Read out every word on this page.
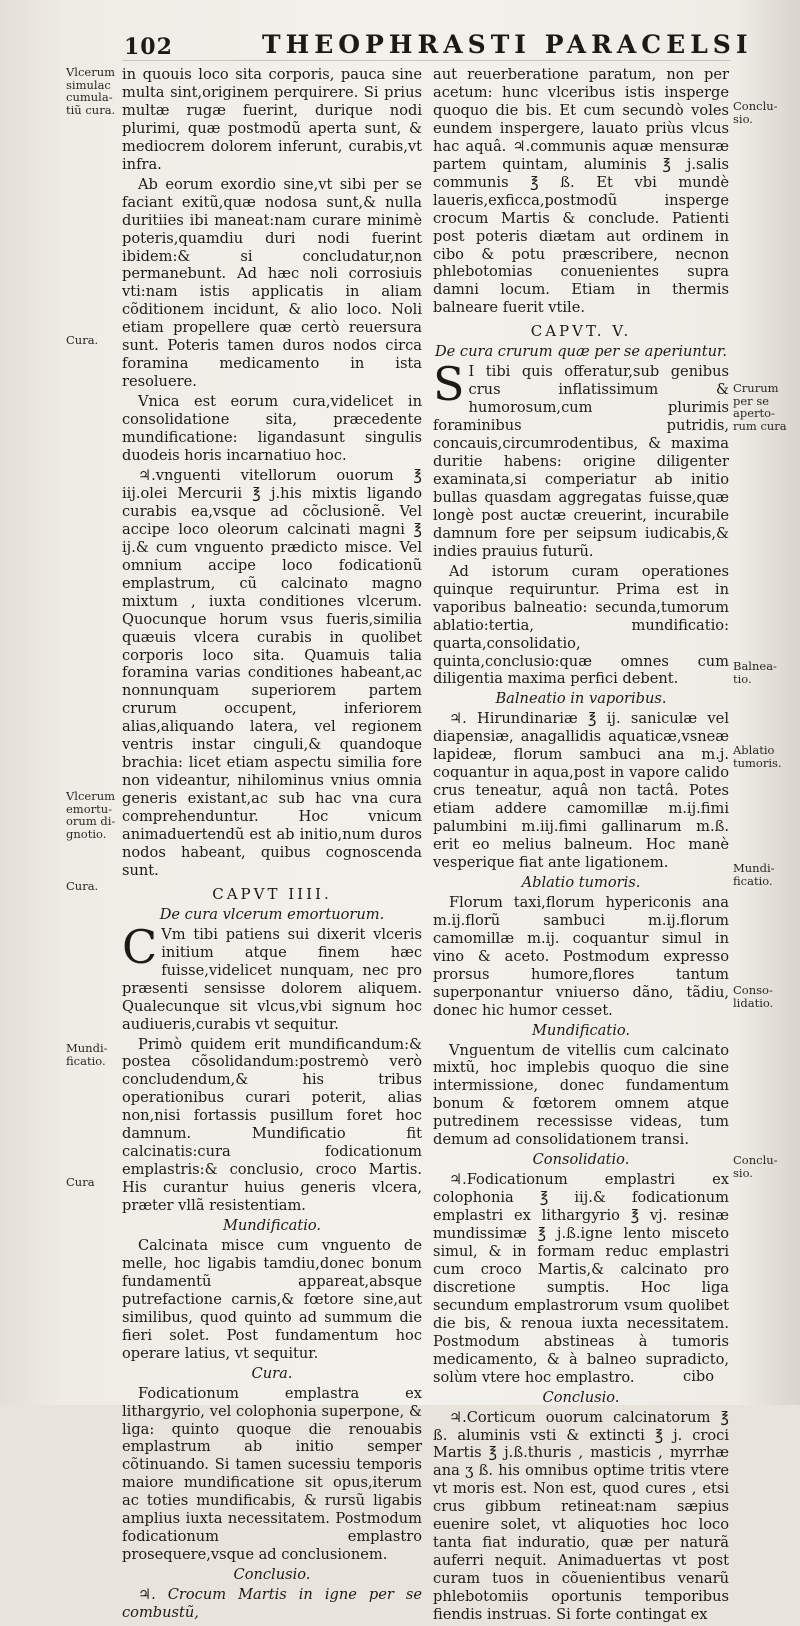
102	THEOPHRASTI PARACELSI

in quouis loco sita corporis, pauca sine multa sint,originem perquirere. Si prius multæ rugæ fuerint, durique nodi plurimi, quæ postmodũ aperta sunt, & mediocrem dolorem inferunt, curabis,vt infra.

Ab eorum exordio sine,vt sibi per se faciant exitũ,quæ nodosa sunt,& nulla duritiies ibi maneat:nam curare minimè poteris,quamdiu duri nodi fuerint ibidem:& si concludatur,non permanebunt. Ad hæc noli corrosiuis vti:nam istis applicatis in aliam cõditionem incidunt, & alio loco. Noli etiam propellere quæ certò reuersura sunt. Poteris tamen duros nodos circa foramina medicamento in ista resoluere.

Vnica est eorum cura,videlicet in consolidatione sita, præcedente mundificatione: ligandasunt singulis duodeis horis incarnatiuo hoc.

♃.vnguenti vitellorum ouorum ℥ iij.olei Mercurii ℥ j.his mixtis ligando curabis ea,vsque ad cõclusionẽ. Vel accipe loco oleorum calcinati magni ℥ ij.& cum vnguento prædicto misce. Vel omnium accipe loco fodicationũ emplastrum, cũ calcinato magno mixtum , iuxta conditiones vlcerum. Quocunque horum vsus fueris,similia quæuis vlcera curabis in quolibet corporis loco sita. Quamuis talia foramina varias conditiones habeant,ac nonnunquam superiorem partem crurum occupent, inferiorem alias,aliquando latera, vel regionem ventris instar cinguli,& quandoque brachia: licet etiam aspectu similia fore non videantur, nihilominus vnius omnia generis existant,ac sub hac vna cura comprehenduntur. Hoc vnicum animaduertendũ est ab initio,num duros nodos habeant, quibus cognoscenda sunt.

CAPVT IIII.
De cura vlcerum emortuorum.

C Vm tibi patiens sui dixerit vlceris initium atque finem hæc fuisse,videlicet nunquam, nec pro præsenti sensisse dolorem aliquem. Qualecunque sit vlcus,vbi signum hoc audiueris,curabis vt sequitur.

Primò quidem erit mundificandum:& postea cõsolidandum:postremò verò concludendum,& his tribus operationibus curari poterit, alias non,nisi fortassis pusillum foret hoc damnum. Mundificatio fit calcinatis:cura fodicationum emplastris:& conclusio, croco Martis. His curantur huius generis vlcera, præter vllã resistentiam.

Mundificatio.

Calcinata misce cum vnguento de melle, hoc ligabis tamdiu,donec bonum fundamentũ appareat,absque putrefactione carnis,& fœtore sine,aut similibus, quod quinto ad summum die fieri solet. Post fundamentum hoc operare latius, vt sequitur.

Cura.

Fodicationum emplastra ex lithargyrio, vel colophonia superpone, & liga: quinto quoque die renouabis emplastrum ab initio semper cõtinuando. Si tamen sucessiu temporis maiore mundificatione sit opus,iterum ac toties mundificabis, & rursũ ligabis amplius iuxta necessitatem. Postmodum fodicationum emplastro prosequere,vsque ad conclusionem.

Conclusio.

♃. Crocum Martis in igne per se combustũ,

aut reuerberatione paratum, non per acetum: hunc vlceribus istis insperge quoquo die bis. Et cum secundò voles eundem inspergere, lauato priùs vlcus hac aquâ. ♃.communis aquæ mensuræ partem quintam, aluminis ℥ j.salis communis ℥ ß. Et vbi mundè laueris,exficca,postmodũ insperge crocum Martis & conclude. Patienti post poteris diætam aut ordinem in cibo & potu præscribere, necnon phlebotomias conuenientes supra damni locum. Etiam in thermis balneare fuerit vtile.

CAPVT. V.
De cura crurum quæ per se aperiuntur.

S I tibi quis offeratur,sub genibus crus inflatissimum & humorosum,cum plurimis foraminibus putridis, concauis,circumrodentibus, & maxima duritie habens: origine diligenter examinata,si comperiatur ab initio bullas quasdam aggregatas fuisse,quæ longè post auctæ creuerint, incurabile damnum fore per seipsum iudicabis,& indies prauius futurũ.

Ad istorum curam operationes quinque requiruntur. Prima est in vaporibus balneatio: secunda,tumorum ablatio:tertia, mundificatio: quarta,consolidatio, quinta,conclusio:quæ omnes cum diligentia maxima perfici debent.

Balneatio in vaporibus.

♃. Hirundinariæ ℥ ij. saniculæ vel diapensiæ, anagallidis aquaticæ,vsneæ lapideæ, florum sambuci ana m.j. coquantur in aqua,post in vapore calido crus teneatur, aquâ non tactâ. Potes etiam addere camomillæ m.ij.fimi palumbini m.iij.fimi gallinarum m.ß. erit eo melius balneum. Hoc manè vesperique fiat ante ligationem.

Ablatio tumoris.

Florum taxi,florum hypericonis ana m.ij.florũ sambuci m.ij.florum camomillæ m.ij. coquantur simul in vino & aceto. Postmodum expresso prorsus humore,flores tantum superponantur vniuerso dãno, tãdiu, donec hic humor cesset.

Mundificatio.

Vnguentum de vitellis cum calcinato mixtũ, hoc implebis quoquo die sine intermissione, donec fundamentum bonum & fœtorem omnem atque putredinem recessisse videas, tum demum ad consolidationem transi.

Consolidatio.

♃.Fodicationum emplastri ex colophonia ℥ iij.& fodicationum emplastri ex lithargyrio ℥ vj. resinæ mundissimæ ℥ j.ß.igne lento misceto simul, & in formam reduc emplastri cum croco Martis,& calcinato pro discretione sumptis. Hoc liga secundum emplastrorum vsum quolibet die bis, & renoua iuxta necessitatem. Postmodum abstineas à tumoris medicamento, & à balneo supradicto, solùm vtere hoc emplastro.

Conclusio.

♃.Corticum ouorum calcinatorum ℥ ß. aluminis vsti & extincti ℥ j. croci Martis ℥ j.ß.thuris , masticis , myrrhæ ana ʒ ß. his omnibus optime tritis vtere vt moris est. Non est, quod cures , etsi crus gibbum retineat:nam sæpius euenire solet, vt aliquoties hoc loco tanta fiat induratio, quæ per naturã auferri nequit. Animaduertas vt post curam tuos in cõuenientibus venarũ phlebotomiis oportunis temporibus fiendis instruas. Si forte contingat ex

cibo
Vlcerum simulac cumula-tiũ cura.
Cura.
Vlcerum emortu-orum di-gnotio.
Cura.
Mundi-ficatio.
Cura
Conclu-sio.
Crurum per se aperto-rum cura
Balnea-tio.
Ablatio tumoris.
Mundi-ficatio.
Conso-lidatio.
Conclu-sio.
